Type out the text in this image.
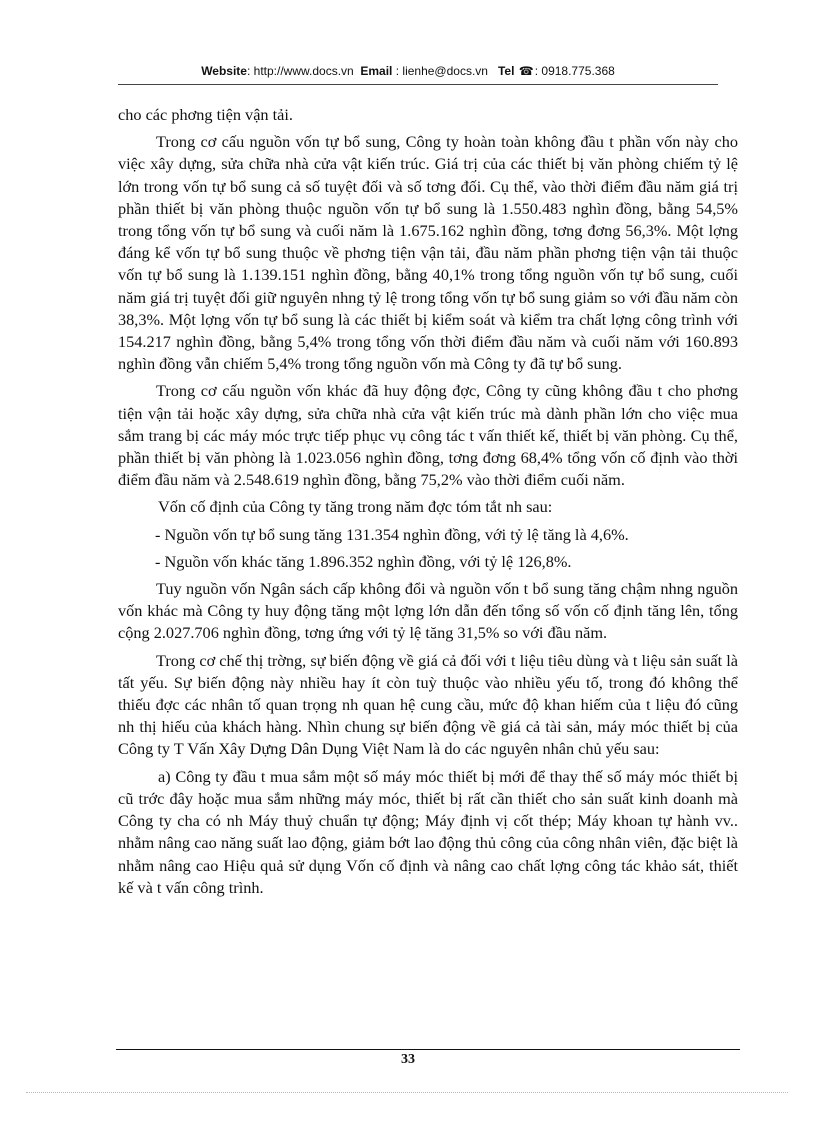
Website: http://www.docs.vn Email : lienhe@docs.vn Tel ☎: 0918.775.368

cho các phơng tiện vận tải.

Trong cơ cấu nguồn vốn tự bổ sung, Công ty hoàn toàn không đầu t phần vốn này cho việc xây dựng, sửa chữa nhà cửa vật kiến trúc. Giá trị của các thiết bị văn phòng chiếm tỷ lệ lớn trong vốn tự bổ sung cả số tuyệt đối và số tơng đối. Cụ thể, vào thời điểm đầu năm giá trị phần thiết bị văn phòng thuộc nguồn vốn tự bổ sung là 1.550.483 nghìn đồng, bằng 54,5% trong tổng vốn tự bổ sung và cuối năm là 1.675.162 nghìn đồng, tơng đơng 56,3%. Một lợng đáng kể vốn tự bổ sung thuộc về phơng tiện vận tải, đầu năm phần phơng tiện vận tải thuộc vốn tự bổ sung là 1.139.151 nghìn đồng, bằng 40,1% trong tổng nguồn vốn tự bổ sung, cuối năm giá trị tuyệt đối giữ nguyên nhng tỷ lệ trong tổng vốn tự bổ sung giảm so với đầu năm còn 38,3%. Một lợng vốn tự bổ sung là các thiết bị kiểm soát và kiểm tra chất lợng công trình với 154.217 nghìn đồng, bằng 5,4% trong tổng vốn thời điểm đầu năm và cuối năm với 160.893 nghìn đồng vẫn chiếm 5,4% trong tổng nguồn vốn mà Công ty đã tự bổ sung.

Trong cơ cấu nguồn vốn khác đã huy động đợc, Công ty cũng không đầu t cho phơng tiện vận tải hoặc xây dựng, sửa chữa nhà cửa vật kiến trúc mà dành phần lớn cho việc mua sắm trang bị các máy móc trực tiếp phục vụ công tác t vấn thiết kế, thiết bị văn phòng. Cụ thể, phần thiết bị văn phòng là 1.023.056 nghìn đồng, tơng đơng 68,4% tổng vốn cố định vào thời điểm đầu năm và 2.548.619 nghìn đồng, bằng 75,2% vào thời điểm cuối năm.

Vốn cố định của Công ty tăng trong năm đợc tóm tắt nh sau:

- Nguồn vốn tự bổ sung tăng 131.354 nghìn đồng, với tỷ lệ tăng là 4,6%.

- Nguồn vốn khác tăng 1.896.352 nghìn đồng, với tỷ lệ 126,8%.

Tuy nguồn vốn Ngân sách cấp không đổi và nguồn vốn t bổ sung tăng chậm nhng nguồn vốn khác mà Công ty huy động tăng một lợng lớn dẫn đến tổng số vốn cố định tăng lên, tổng cộng 2.027.706 nghìn đồng, tơng ứng với tỷ lệ tăng 31,5% so với đầu năm.

Trong cơ chế thị trờng, sự biến động về giá cả đối với t liệu tiêu dùng và t liệu sản suất là tất yếu. Sự biến động này nhiều hay ít còn tuỳ thuộc vào nhiều yếu tố, trong đó không thể thiếu đợc các nhân tố quan trọng nh quan hệ cung cầu, mức độ khan hiếm của t liệu đó cũng nh thị hiếu của khách hàng. Nhìn chung sự biến động về giá cả tài sản, máy móc thiết bị của Công ty T Vấn Xây Dựng Dân Dụng Việt Nam là do các nguyên nhân chủ yếu sau:

a) Công ty đầu t mua sắm một số máy móc thiết bị mới để thay thế số máy móc thiết bị cũ trớc đây hoặc mua sắm những máy móc, thiết bị rất cần thiết cho sản suất kinh doanh mà Công ty cha có nh Máy thuỷ chuẩn tự động; Máy định vị cốt thép; Máy khoan tự hành vv.. nhằm nâng cao năng suất lao động, giảm bớt lao động thủ công của công nhân viên, đặc biệt là nhằm nâng cao Hiệu quả sử dụng Vốn cố định và nâng cao chất lợng công tác khảo sát, thiết kế và t vấn công trình.

33
